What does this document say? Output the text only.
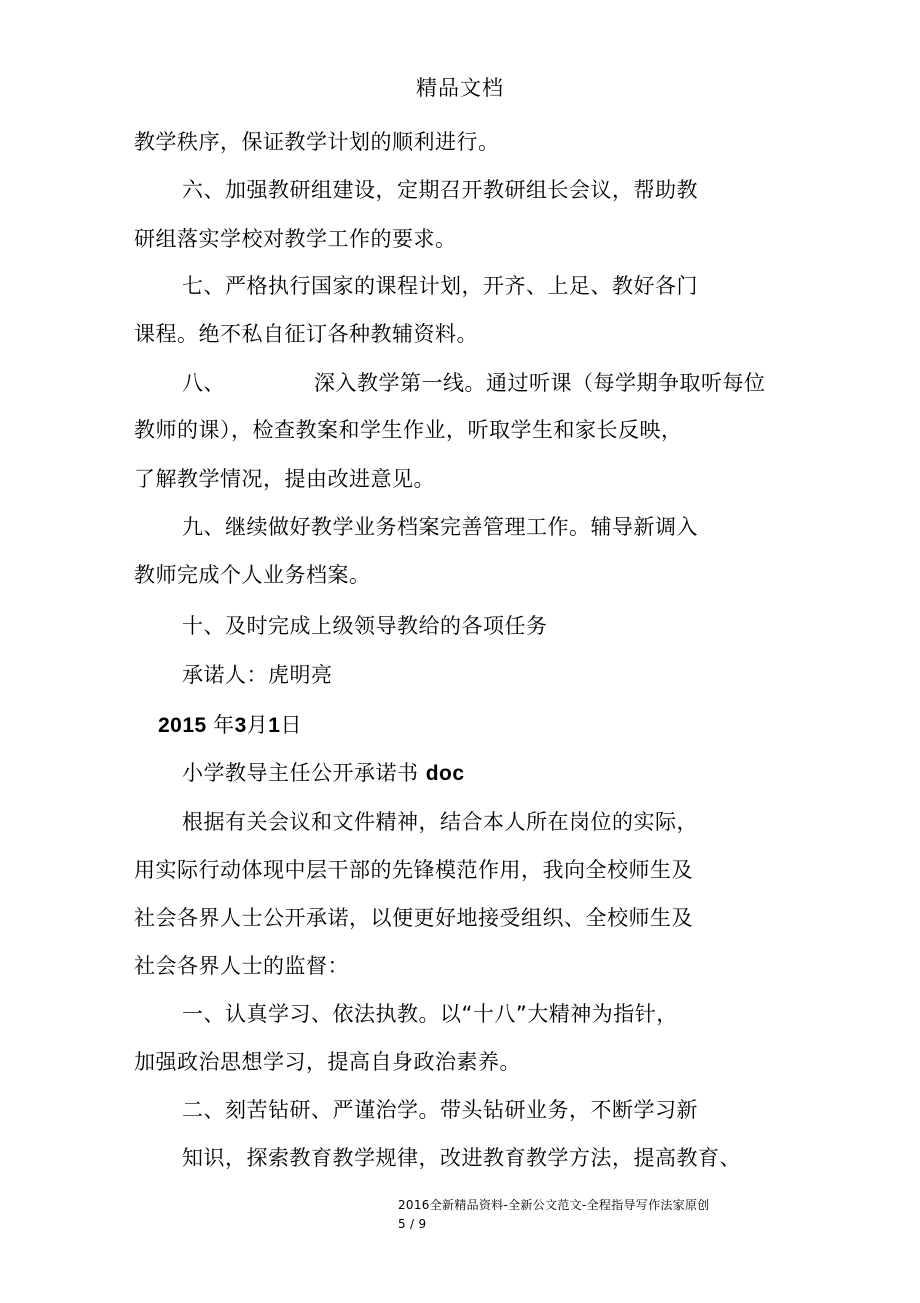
精品文档
教学秩序，保证教学计划的顺利进行。
六、加强教研组建设，定期召开教研组长会议，帮助教
研组落实学校对教学工作的要求。
七、严格执行国家的课程计划，开齐、上足、教好各门
课程。绝不私自征订各种教辅资料。
八、	深入教学第一线。通过听课（每学期争取听每位
教师的课），检查教案和学生作业，听取学生和家长反映，
了解教学情况，提由改进意见。
九、继续做好教学业务档案完善管理工作。辅导新调入
教师完成个人业务档案。
十、及时完成上级领导教给的各项任务
承诺人：虎明亮
2015 年3月1日
小学教导主任公开承诺书 doc
根据有关会议和文件精神，结合本人所在岗位的实际，
用实际行动体现中层干部的先锋模范作用，我向全校师生及
社会各界人士公开承诺，以便更好地接受组织、全校师生及
社会各界人士的监督：
一、认真学习、依法执教。以“十八”大精神为指针，
加强政治思想学习，提高自身政治素养。
二、刻苦钻研、严谨治学。带头钻研业务，不断学习新
知识，探索教育教学规律，改进教育教学方法，提高教育、
2016全新精品资料-全新公文范文-全程指导写作法家原创
5 / 9
